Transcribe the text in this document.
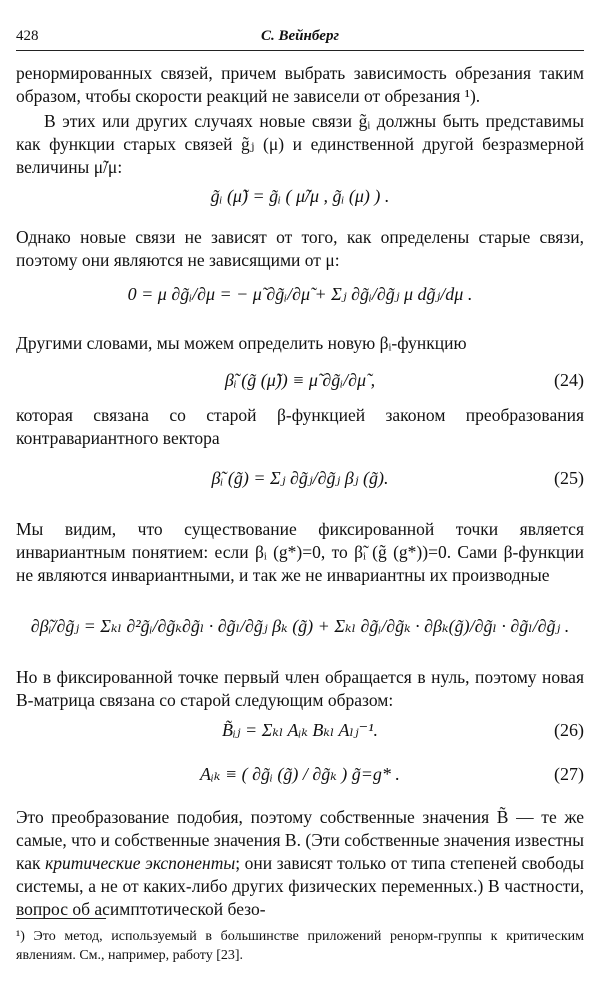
428	С. Вейнберг

ренормированных связей, причем выбрать зависимость обрезания таким образом, чтобы скорости реакций не зависели от обрезания ¹).

В этих или других случаях новые связи g̃ᵢ должны быть представимы как функции старых связей g̃ⱼ (μ) и единственной другой безразмерной величины μ̃/μ:

g̃ᵢ (μ̃) = g̃ᵢ ( μ̃/μ , g̃ᵢ (μ) ) .

Однако новые связи не зависят от того, как определены старые связи, поэтому они являются не зависящими от μ:

0 = μ ∂g̃ᵢ/∂μ = − μ̃ ∂g̃ᵢ/∂μ̃ + Σⱼ ∂g̃ᵢ/∂g̃ⱼ μ dg̃ⱼ/dμ .

Другими словами, мы можем определить новую βᵢ-функцию

β̃ᵢ (g̃ (μ̃)) ≡ μ̃ ∂g̃ᵢ/∂μ̃ ,	(24)

которая связана со старой β-функцией законом преобразования контравариантного вектора

β̃ᵢ (g̃) = Σⱼ ∂g̃ⱼ/∂g̃ⱼ βⱼ (g̃).	(25)

Мы видим, что существование фиксированной точки является инвариантным понятием: если βᵢ (g*)=0, то β̃ᵢ (g̃ (g*))=0. Сами β-функции не являются инвариантными, и так же не инвариантны их производные

∂β̃ᵢ/∂g̃ⱼ = Σₖₗ ∂²g̃ᵢ/∂g̃ₖ∂g̃ₗ · ∂g̃ₗ/∂g̃ⱼ βₖ (g̃) + Σₖₗ ∂g̃ᵢ/∂g̃ₖ · ∂βₖ(g̃)/∂g̃ₗ · ∂g̃ₗ/∂g̃ⱼ .

Но в фиксированной точке первый член обращается в нуль, поэтому новая B-матрица связана со старой следующим образом:

B̃ᵢⱼ = Σₖₗ Aᵢₖ Bₖₗ Aₗⱼ⁻¹.	(26)
Aᵢₖ ≡ ( ∂g̃ᵢ (g̃) / ∂g̃ₖ ) g̃=g* .	(27)

Это преобразование подобия, поэтому собственные значения B̃ — те же самые, что и собственные значения B. (Эти собственные значения известны как критические экспоненты; они зависят только от типа степеней свободы системы, а не от каких-либо других физических переменных.) В частности, вопрос об асимптотической безо-

¹) Это метод, используемый в большинстве приложений ренорм-группы к критическим явлениям. См., например, работу [23].
